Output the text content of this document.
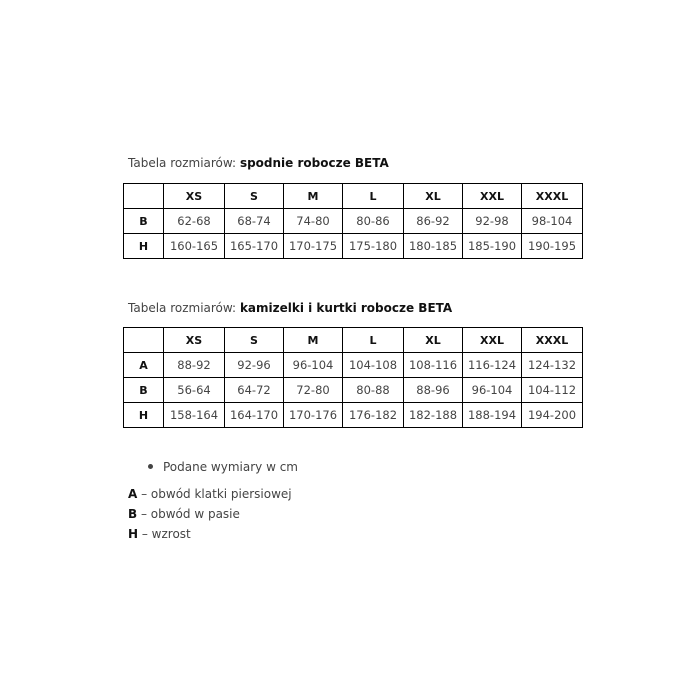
Tabela rozmiarów: spodnie robocze BETA
	XS	S	M	L	XL	XXL	XXXL
B	62-68	68-74	74-80	80-86	86-92	92-98	98-104
H	160-165	165-170	170-175	175-180	180-185	185-190	190-195
Tabela rozmiarów: kamizelki i kurtki robocze BETA
	XS	S	M	L	XL	XXL	XXXL
A	88-92	92-96	96-104	104-108	108-116	116-124	124-132
B	56-64	64-72	72-80	80-88	88-96	96-104	104-112
H	158-164	164-170	170-176	176-182	182-188	188-194	194-200
Podane wymiary w cm
A – obwód klatki piersiowej
B – obwód w pasie
H – wzrost
